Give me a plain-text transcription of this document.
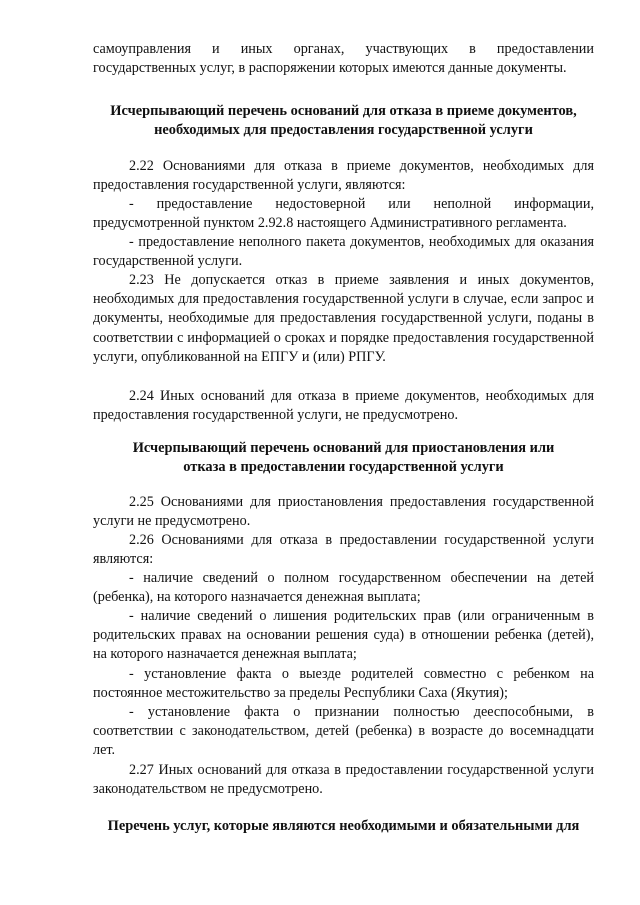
самоуправления и иных органах, участвующих в предоставлении государственных услуг, в распоряжении которых имеются данные документы.

Исчерпывающий перечень оснований для отказа в приеме документов, необходимых для предоставления государственной услуги

2.22 Основаниями для отказа в приеме документов, необходимых для предоставления государственной услуги, являются:

- предоставление недостоверной или неполной информации, предусмотренной пунктом 2.92.8 настоящего Административного регламента.

- предоставление неполного пакета документов, необходимых для оказания государственной услуги.

2.23 Не допускается отказ в приеме заявления и иных документов, необходимых для предоставления государственной услуги в случае, если запрос и документы, необходимые для предоставления государственной услуги, поданы в соответствии с информацией о сроках и порядке предоставления государственной услуги, опубликованной на ЕПГУ и (или) РПГУ.

2.24 Иных оснований для отказа в приеме документов, необходимых для предоставления государственной услуги, не предусмотрено.

Исчерпывающий перечень оснований для приостановления или отказа в предоставлении государственной услуги

2.25 Основаниями для приостановления предоставления государственной услуги не предусмотрено.

2.26 Основаниями для отказа в предоставлении государственной услуги являются:

- наличие сведений о полном государственном обеспечении на детей (ребенка), на которого назначается денежная выплата;

- наличие сведений о лишения родительских прав (или ограниченным в родительских правах на основании решения суда) в отношении ребенка (детей), на которого назначается денежная выплата;

- установление факта о выезде родителей совместно с ребенком на постоянное местожительство за пределы Республики Саха (Якутия);

- установление факта о признании полностью дееспособными, в соответствии с законодательством, детей (ребенка) в возрасте до восемнадцати лет.

2.27 Иных оснований для отказа в предоставлении государственной услуги законодательством не предусмотрено.

Перечень услуг, которые являются необходимыми и обязательными для
